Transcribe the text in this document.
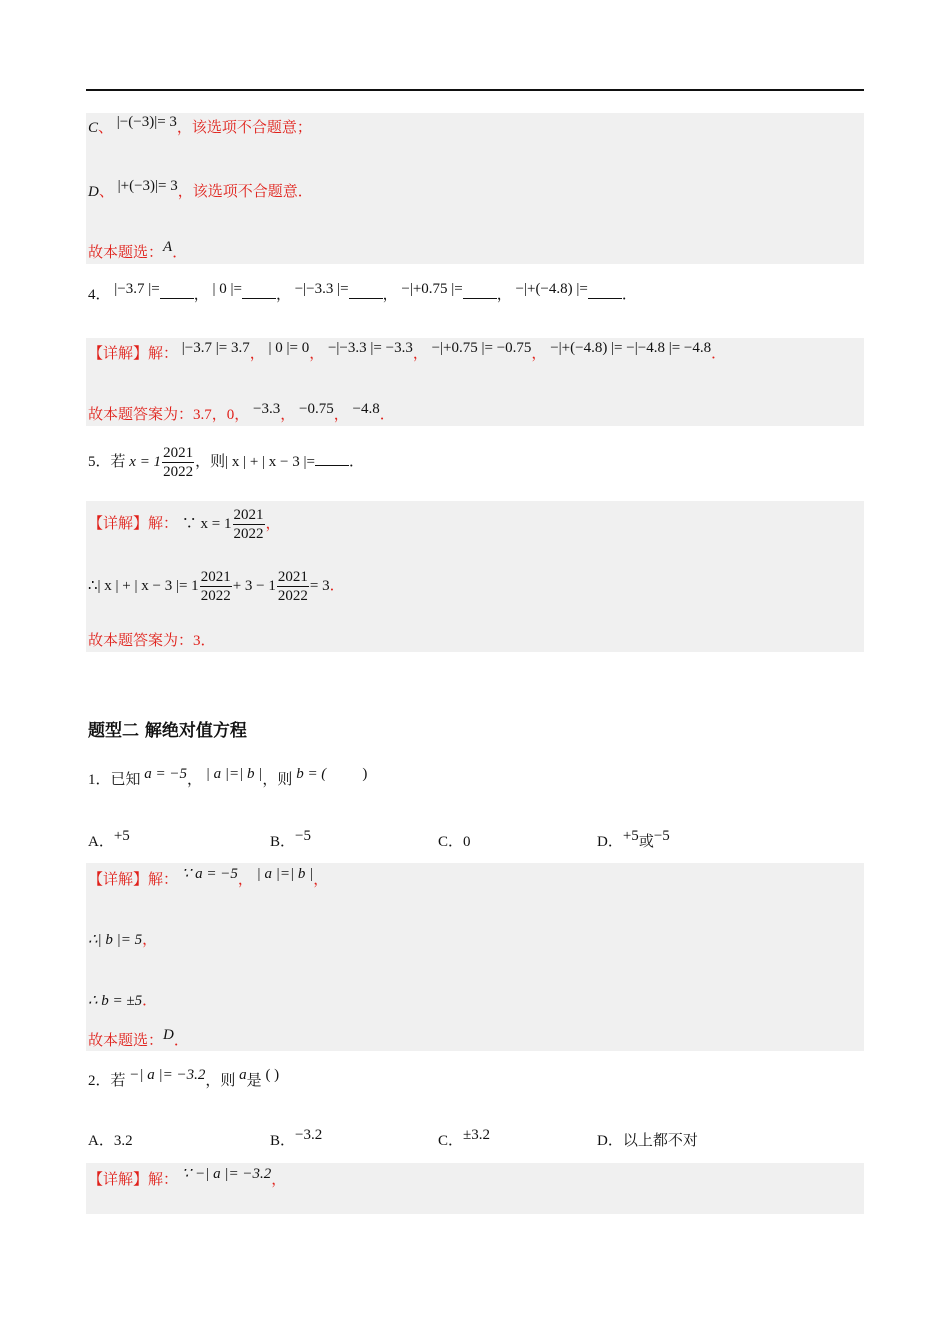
C、 |−(−3)|= 3，该选项不合题意；
D、 |+(−3)|= 3，该选项不合题意．
故本题选：A．
4． |−3.7 |= ， | 0 |= ， −|−3.3 |= ， −|+0.75 |= ， −|+(−4.8) |= ．
【详解】解： |−3.7 |= 3.7， | 0 |= 0， −|−3.3 |= −3.3， −|+0.75 |= −0.75， −|+(−4.8) |= −|−4.8 |= −4.8．
故本题答案为：3.7，0， −3.3， −0.75， −4.8．
5．若 $x = 1 \frac{2021}{2022}$ ，则| x | + | x − 3 |= ．
【详解】解： ∵ $x = 1 \frac{2021}{2022}$ ，
∴| x | + | x − 3 |= $1 \frac{2021}{2022} + 3 - 1 \frac{2021}{2022} = 3$．
故本题答案为：3．
题型二 解绝对值方程
1．已知 a = −5， | a |=| b |，则 b = ( )
A．+5	B．−5	C．0	D．+5或−5
【详解】解： ∵ a = −5， | a |=| b |，
∴| b |= 5，
∴ b = ±5．
故本题选：D．
2．若 −| a |= −3.2，则 a是 ( )
A．3.2	B．−3.2	C．±3.2	D．以上都不对
【详解】解： ∵ −| a |= −3.2，
